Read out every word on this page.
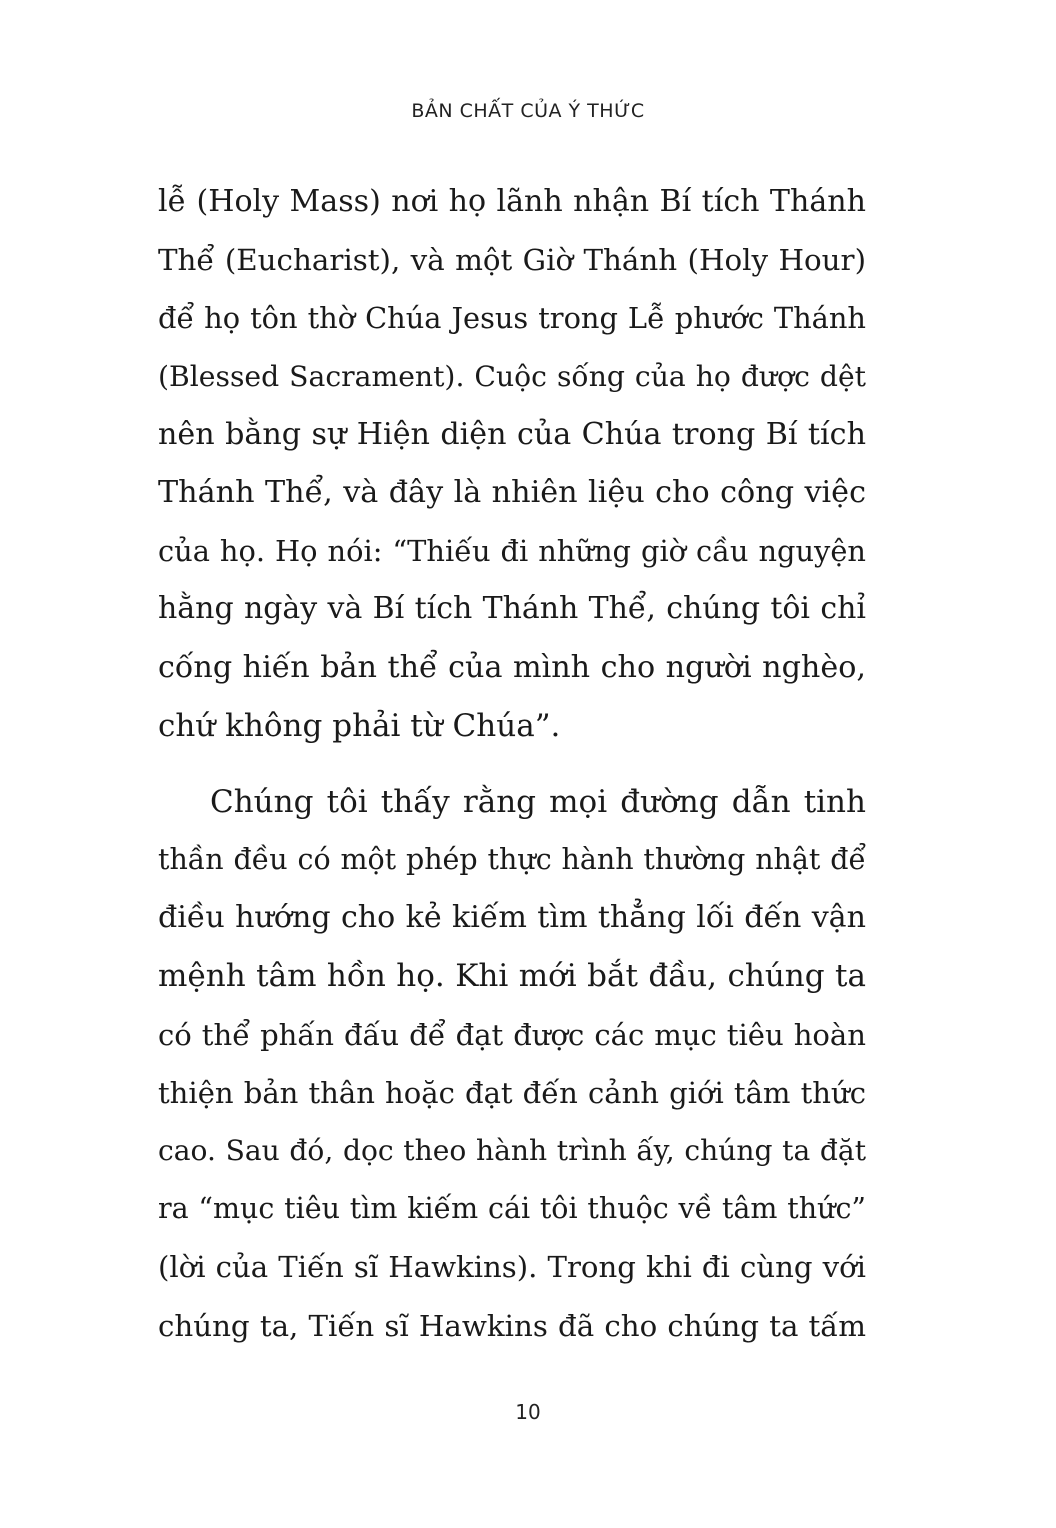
BẢN CHẤT CỦA Ý THỨC
lễ (Holy Mass) nơi họ lãnh nhận Bí tích Thánh
Thể (Eucharist), và một Giờ Thánh (Holy Hour)
để họ tôn thờ Chúa Jesus trong Lễ phước Thánh
(Blessed Sacrament). Cuộc sống của họ được dệt
nên bằng sự Hiện diện của Chúa trong Bí tích
Thánh Thể, và đây là nhiên liệu cho công việc
của họ. Họ nói: “Thiếu đi những giờ cầu nguyện
hằng ngày và Bí tích Thánh Thể, chúng tôi chỉ
cống hiến bản thể của mình cho người nghèo,
chứ không phải từ Chúa”.
Chúng tôi thấy rằng mọi đường dẫn tinh
thần đều có một phép thực hành thường nhật để
điều hướng cho kẻ kiếm tìm thẳng lối đến vận
mệnh tâm hồn họ. Khi mới bắt đầu, chúng ta
có thể phấn đấu để đạt được các mục tiêu hoàn
thiện bản thân hoặc đạt đến cảnh giới tâm thức
cao. Sau đó, dọc theo hành trình ấy, chúng ta đặt
ra “mục tiêu tìm kiếm cái tôi thuộc về tâm thức”
(lời của Tiến sĩ Hawkins). Trong khi đi cùng với
chúng ta, Tiến sĩ Hawkins đã cho chúng ta tấm
10
